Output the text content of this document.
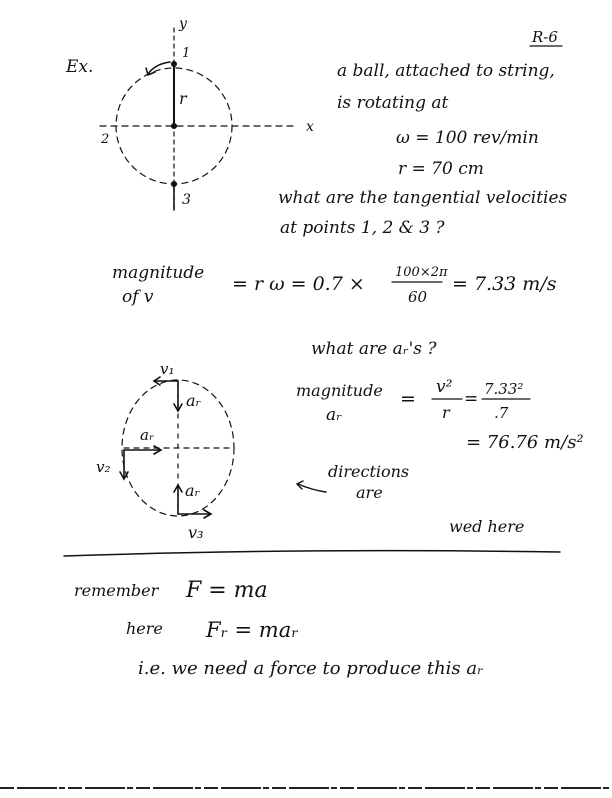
R-6
Ex.
y
x
1
2
3
r
a ball, attached to string,
is rotating at
ω = 100 rev/min
r = 70 cm
what are the tangential velocities
at points 1, 2 & 3 ?
magnitude
of v
= r ω = 0.7 ×
100×2π
60
= 7.33 m/s
what are aᵣ's ?
magnitude
aᵣ
=
v²
r
= 7.33²
.7
= 76.76 m/s²
v₁
aᵣ
aᵣ
v₂
aᵣ
v₃
directions
are
wed here
remember F = ma
here Fᵣ = maᵣ
i.e. we need a force to produce this aᵣ
